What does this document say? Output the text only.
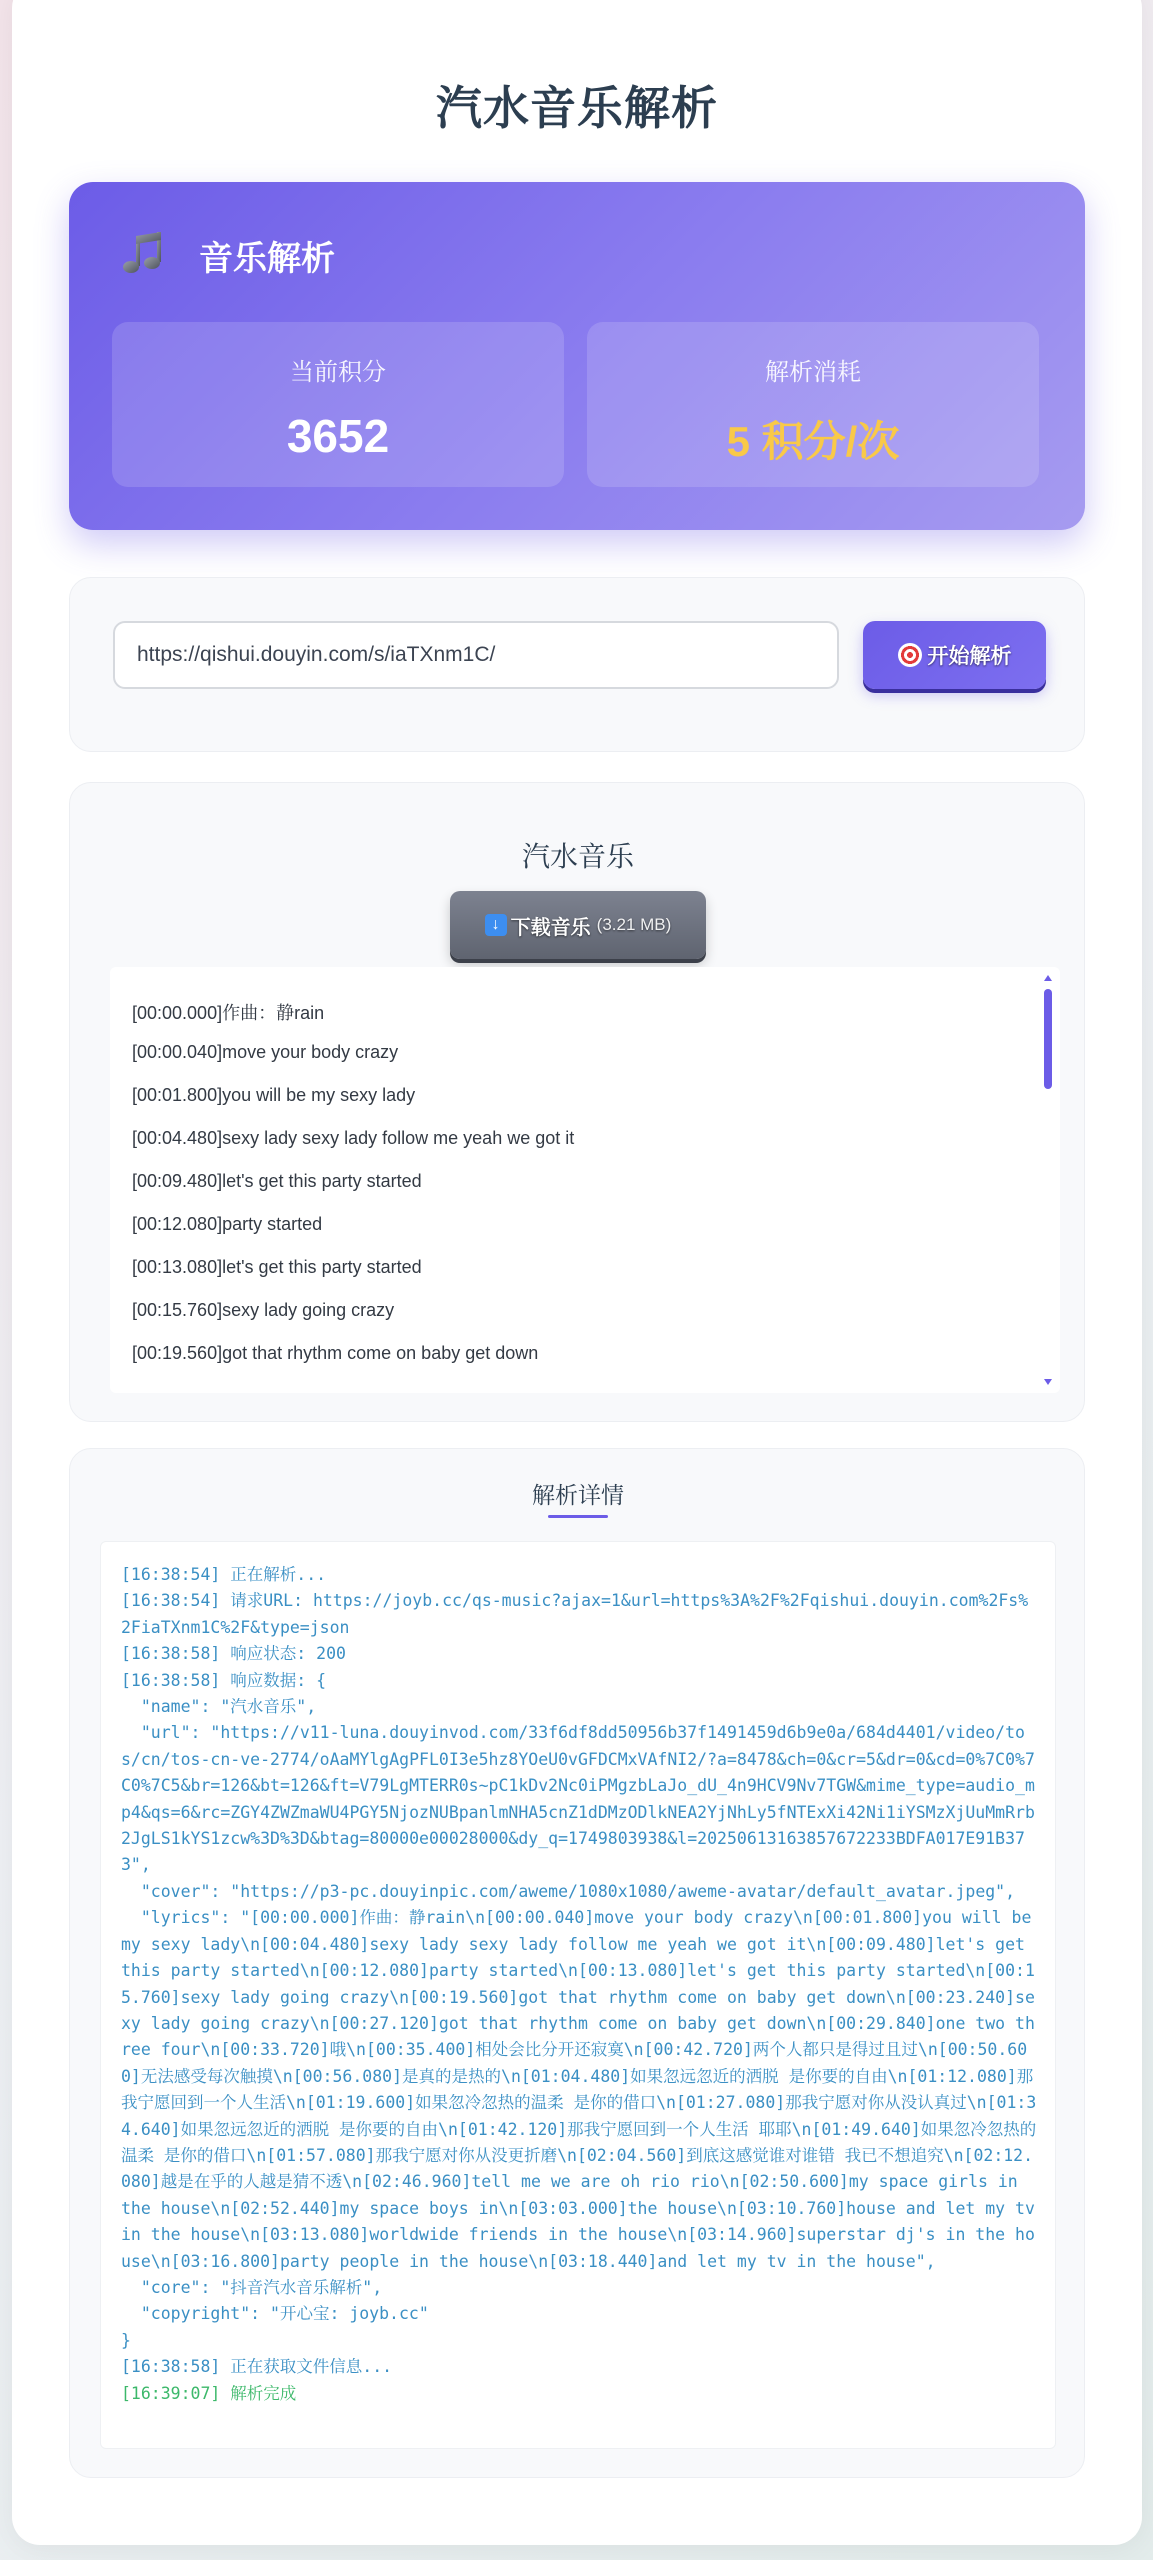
汽水音乐解析
音乐解析
当前积分
3652
解析消耗
5 积分/次
https://qishui.douyin.com/s/iaTXnm1C/
开始解析
汽水音乐
↓ 下载音乐 (3.21 MB)
[00:00.000]作曲：静rain
[00:00.040]move your body crazy
[00:01.800]you will be my sexy lady
[00:04.480]sexy lady sexy lady follow me yeah we got it
[00:09.480]let's get this party started
[00:12.080]party started
[00:13.080]let's get this party started
[00:15.760]sexy lady going crazy
[00:19.560]got that rhythm come on baby get down
解析详情
[16:38:54] 正在解析...
[16:38:54] 请求URL: https://joyb.cc/qs-music?ajax=1&url=https%3A%2F%2Fqishui.douyin.com%2Fs%2FiaTXnm1C%2F&type=json
[16:38:58] 响应状态: 200
[16:38:58] 响应数据: {
"name": "汽水音乐",
"url": "https://v11-luna.douyinvod.com/33f6df8dd50956b37f1491459d6b9e0a/684d4401/video/tos/cn/tos-cn-ve-2774/oAaMYlgAgPFL0I3e5hz8YOeU0vGFDCMxVAfNI2/?a=8478&ch=0&cr=5&dr=0&cd=0%7C0%7C0%7C5&br=126&bt=126&ft=V79LgMTERR0s~pC1kDv2Nc0iPMgzbLaJo_dU_4n9HCV9Nv7TGW&mime_type=audio_mp4&qs=6&rc=ZGY4ZWZmaWU4PGY5NjozNUBpanlmNHA5cnZ1dDMzODlkNEA2YjNhLy5fNTExXi42Ni1iYSMzXjUuMmRrb2JgLS1kYS1zcw%3D%3D&btag=80000e00028000&dy_q=1749803938&l=20250613163857672233BDFA017E91B373",
"cover": "https://p3-pc.douyinpic.com/aweme/1080x1080/aweme-avatar/default_avatar.jpeg",
"lyrics": "[00:00.000]作曲：静rain\n[00:00.040]move your body crazy\n[00:01.800]you will be my sexy lady\n[00:04.480]sexy lady sexy lady follow me yeah we got it\n[00:09.480]let's get this party started\n[00:12.080]party started\n[00:13.080]let's get this party started\n[00:15.760]sexy lady going crazy\n[00:19.560]got that rhythm come on baby get down\n[00:23.240]sexy lady going crazy\n[00:27.120]got that rhythm come on baby get down\n[00:29.840]one two three four\n[00:33.720]哦\n[00:35.400]相处会比分开还寂寞\n[00:42.720]两个人都只是得过且过\n[00:50.600]无法感受每次触摸\n[00:56.080]是真的是热的\n[01:04.480]如果忽远忽近的洒脱 是你要的自由\n[01:12.080]那我宁愿回到一个人生活\n[01:19.600]如果忽冷忽热的温柔 是你的借口\n[01:27.080]那我宁愿对你从没认真过\n[01:34.640]如果忽远忽近的洒脱 是你要的自由\n[01:42.120]那我宁愿回到一个人生活 耶耶\n[01:49.640]如果忽冷忽热的温柔 是你的借口\n[01:57.080]那我宁愿对你从没更折磨\n[02:04.560]到底这感觉谁对谁错 我已不想追究\n[02:12.080]越是在乎的人越是猜不透\n[02:46.960]tell me we are oh rio rio\n[02:50.600]my space girls in the house\n[02:52.440]my space boys in\n[03:03.000]the house\n[03:10.760]house and let my tv in the house\n[03:13.080]worldwide friends in the house\n[03:14.960]superstar dj's in the house\n[03:16.800]party people in the house\n[03:18.440]and let my tv in the house",
"core": "抖音汽水音乐解析",
"copyright": "开心宝: joyb.cc"
}
[16:38:58] 正在获取文件信息...
[16:39:07] 解析完成
